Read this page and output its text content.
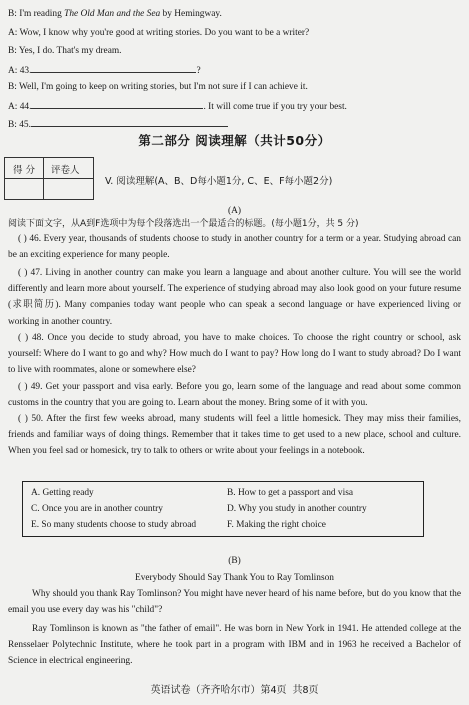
B: I'm reading The Old Man and the Sea by Hemingway.
A: Wow, I know why you're good at writing stories. Do you want to be a writer?
B: Yes, I do. That's my dream.
A: 43.	?
B: Well, I'm going to keep on writing stories, but I'm not sure if I can achieve it.
A: 44.	. It will come true if you try your best.
B: 45.
第二部分 阅读理解（共计50分）
得 分 评卷人
V. 阅读理解(A、B、D每小题1分, C、E、F每小题2分)
(A)
阅读下面文字，从A到F选项中为每个段落选出一个最适合的标题。(每小题1分，共 5 分)
( ) 46. Every year, thousands of students choose to study in another country for a term or a year. Studying abroad can be an exciting experience for many people.
( ) 47. Living in another country can make you learn a language and about another culture. You will see the world differently and learn more about yourself. The experience of studying abroad may also look good on your future resume (求职简历). Many companies today want people who can speak a second language or have experienced living or working in another country.
( ) 48. Once you decide to study abroad, you have to make choices. To choose the right country or school, ask yourself: Where do I want to go and why? How much do I want to pay? How long do I want to study abroad? Do I want to live with roommates, alone or somewhere else?
( ) 49. Get your passport and visa early. Before you go, learn some of the language and read about some common customs in the country that you are going to. Learn about the money. Bring some of it with you.
( ) 50. After the first few weeks abroad, many students will feel a little homesick. They may miss their families, friends and familiar ways of doing things. Remember that it takes time to get used to a new place, school and culture. When you feel sad or homesick, try to talk to others or write about your feelings in a notebook.
A. Getting ready	B. How to get a passport and visa
C. Once you are in another country	D. Why you study in another country
E. So many students choose to study abroad	F. Making the right choice
(B)
Everybody Should Say Thank You to Ray Tomlinson
Why should you thank Ray Tomlinson? You might have never heard of his name before, but do you know that the email you use every day was his "child"?
Ray Tomlinson is known as "the father of email". He was born in New York in 1941. He attended college at the Rensselaer Polytechnic Institute, where he took part in a program with IBM and in 1963 he received a Bachelor of Science in electrical engineering.
英语试卷（齐齐哈尔市）第4页 共8页
